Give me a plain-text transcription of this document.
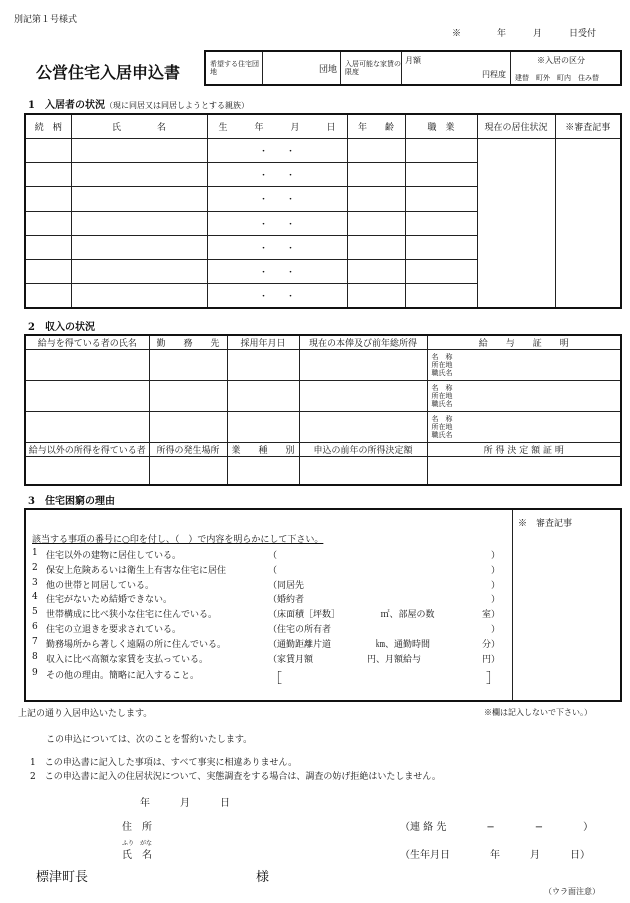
別記第１号様式
※　　　　年　　　月　　　日受付
公営住宅入居申込書	希望する住宅団地	団地	入居可能な家賃の限度	
月額
円程度

※入居の区分
建替　町外　町内　住み替
1　入居者の状況（現に同居又は同居しようとする親族）
続　柄	氏　　　　名	生　　　年　　　月　　　日	年　　齢	職　業	現在の居住状況	※審査記事
		・　　・				
		・　　・				
		・　　・				
		・　　・				
		・　　・				
		・　　・				
		・　　・				
2　収入の状況
給与を得ている者の氏名	勤　　務　　先	採用年月日	現在の本俸及び前年総所得	給　　与　　証　　明

				名　称
所在地
職氏名

				名　称
所在地
職氏名

				名　称
所在地
職氏名

給与以外の所得を得ている者	所得の発生場所	業　　種　　別	申込の前年の所得決定額	所 得 決 定 額 証 明

3　住宅困窮の理由
※　審査記事
該当する事項の番号に○印を付し、（　）で内容を明らかにして下さい。
1 住宅以外の建物に居住している。	（	）
2 保安上危険あるいは衛生上有害な住宅に居住	（	）
3 他の世帯と同居している。	（同居先	）
4 住宅がないため結婚できない。	（婚約者	）
5 世帯構成に比べ狭小な住宅に住んでいる。	（床面積［坪数］　　　　　㎡、部屋の数	室）
6 住宅の立退きを要求されている。	（住宅の所有者	）
7 勤務場所から著しく遠隔の所に住んでいる。	（通勤距離片道　　　　　㎞、通勤時間	分）
8 収入に比べ高額な家賃を支払っている。	（家賃月額　　　　　　円、月額給与	円）
9 その他の理由。簡略に記入すること。	［	］
上記の通り入居申込いたします。	※欄は記入しないで下さい。）
この申込については、次のことを誓約いたします。
1　この申込書に記入した事項は、すべて事実に相違ありません。
2　この申込書に記入の住居状況について、実態調査をする場合は、調査の妨げ拒絶はいたしません。
年　　　月　　　日
住　所	（連 絡 先　　　　−　　　　−　　　　）
ふり　がな
氏　名	（生年月日　　　　年　　　月　　　日）
標津町長	様
（ウラ面注意）
